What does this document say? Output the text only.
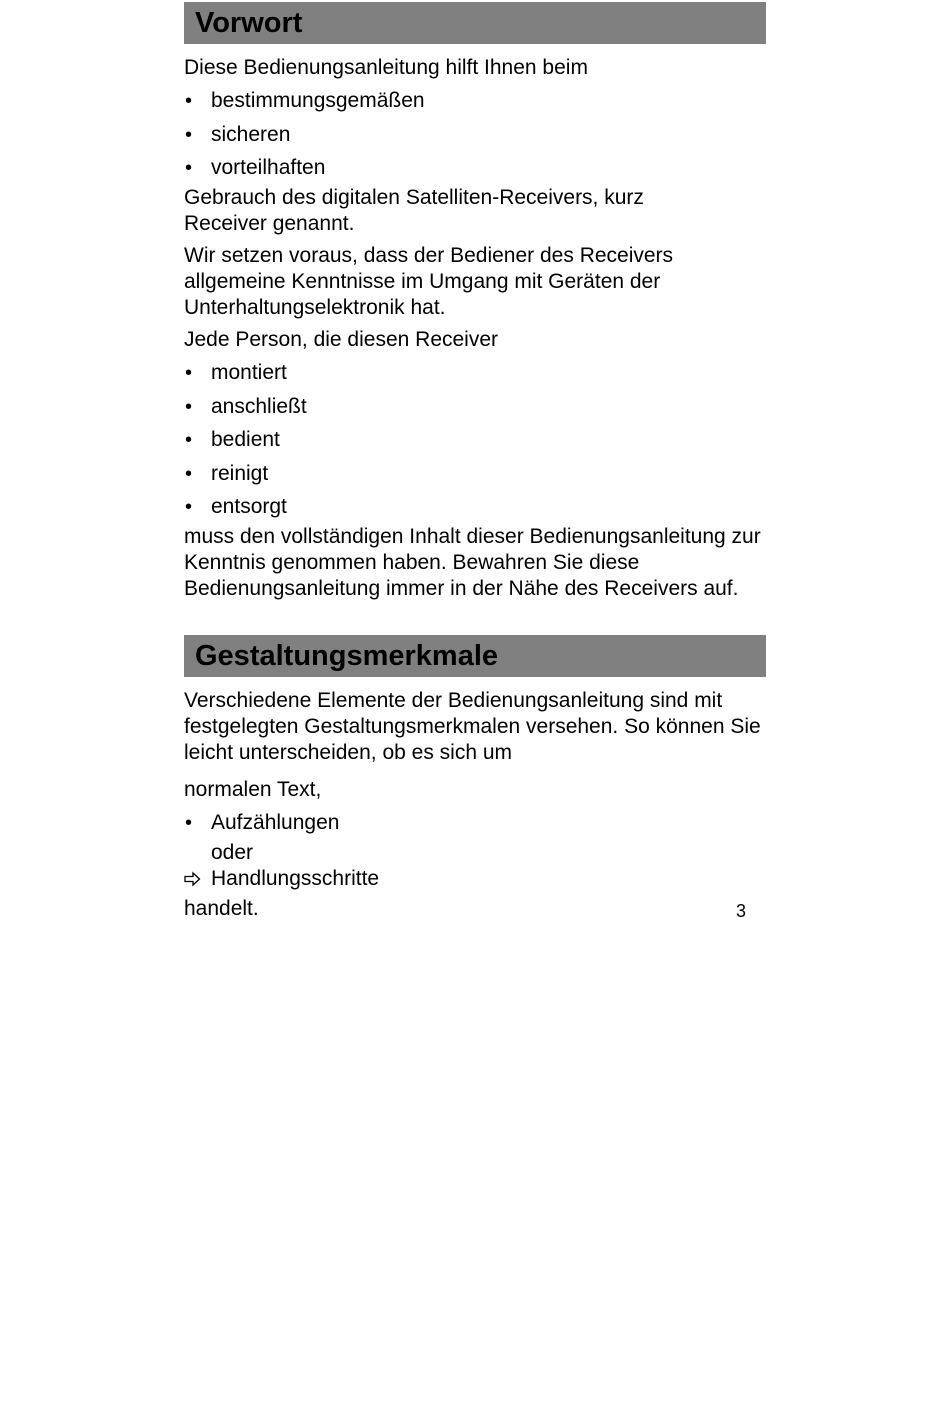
Vorwort

Diese Bedienungsanleitung hilft Ihnen beim

• bestimmungsgemäßen
• sicheren
• vorteilhaften

Gebrauch des digitalen Satelliten-Receivers, kurz Receiver genannt.

Wir setzen voraus, dass der Bediener des Receivers allgemeine Kenntnisse im Umgang mit Geräten der Unterhaltungselektronik hat.

Jede Person, die diesen Receiver

• montiert
• anschließt
• bedient
• reinigt
• entsorgt

muss den vollständigen Inhalt dieser Bedienungsanleitung zur Kenntnis genommen haben. Bewahren Sie diese Bedienungsanleitung immer in der Nähe des Receivers auf.

Gestaltungsmerkmale

Verschiedene Elemente der Bedienungsanleitung sind mit festgelegten Gestaltungsmerkmalen versehen. So können Sie leicht unterscheiden, ob es sich um

normalen Text,

• Aufzählungen
oder
Handlungsschritte
handelt.	3
